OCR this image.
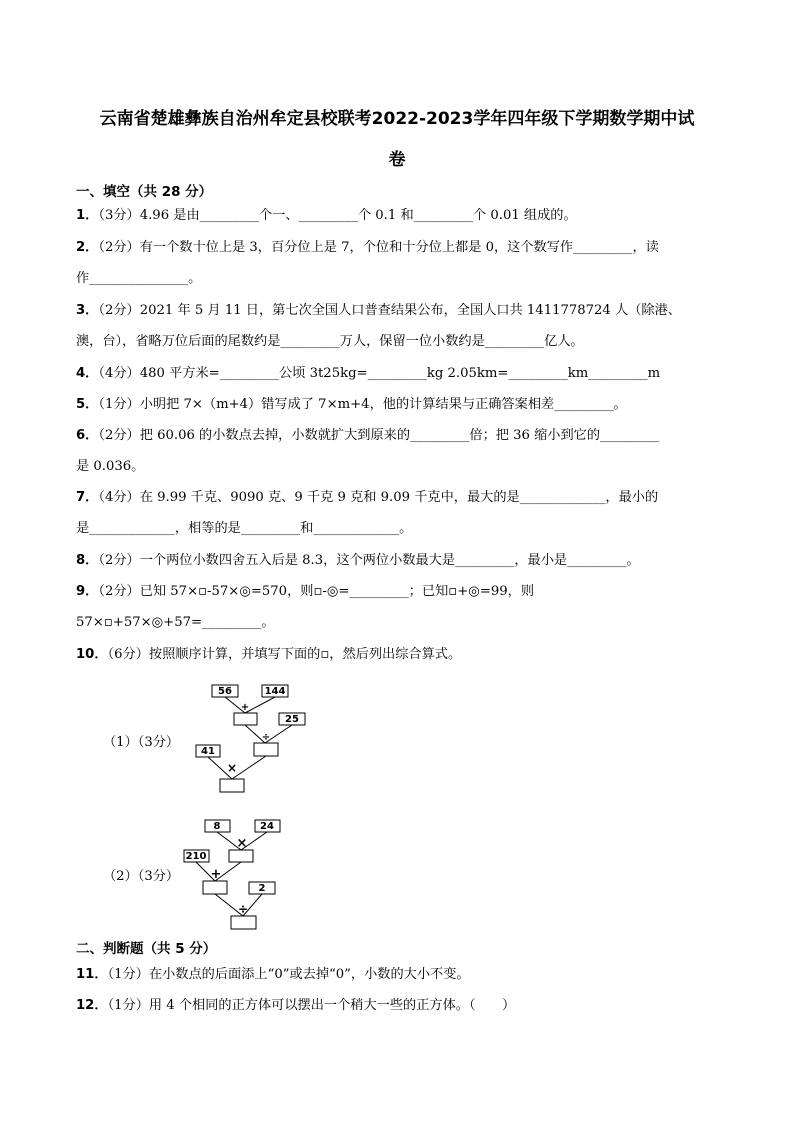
云南省楚雄彝族自治州牟定县校联考2022-2023学年四年级下学期数学期中试
卷
一、填空（共 28 分）
1．（3分）4.96 是由_________个一、_________个 0.1 和_________个 0.01 组成的。
2．（2分）有一个数十位上是 3，百分位上是 7，个位和十分位上都是 0，这个数写作_________，读
作_______________。
3．（2分）2021 年 5 月 11 日，第七次全国人口普查结果公布，全国人口共 1411778724 人（除港、
澳，台），省略万位后面的尾数约是_________万人，保留一位小数约是_________亿人。
4．（4分）480 平方米=_________公顷 3t25kg=_________kg 2.05km=_________km_________m
5．（1分）小明把 7×（m+4）错写成了 7×m+4，他的计算结果与正确答案相差_________。
6．（2分）把 60.06 的小数点去掉，小数就扩大到原来的_________倍；把 36 缩小到它的_________
是 0.036。
7．（4分）在 9.99 千克、9090 克、9 千克 9 克和 9.09 千克中，最大的是_____________，最小的
是_____________，相等的是_________和_____________。
8．（2分）一个两位小数四舍五入后是 8.3，这个两位小数最大是_________，最小是_________。
9．（2分）已知 57×▫-57×◎=570，则▫-◎=_________；已知▫+◎=99，则
57×▫+57×◎+57=_________。
10．（6分）按照顺序计算，并填写下面的▫，然后列出综合算式。
（1）（3分）
56	144
+
25
÷
41
×
（2）（3分）
8	24
×
210
+
2
÷
二、判断题（共 5 分）
11．（1分）在小数点的后面添上“0”或去掉“0”，小数的大小不变。
12．（1分）用 4 个相同的正方体可以摆出一个稍大一些的正方体。（　　）
